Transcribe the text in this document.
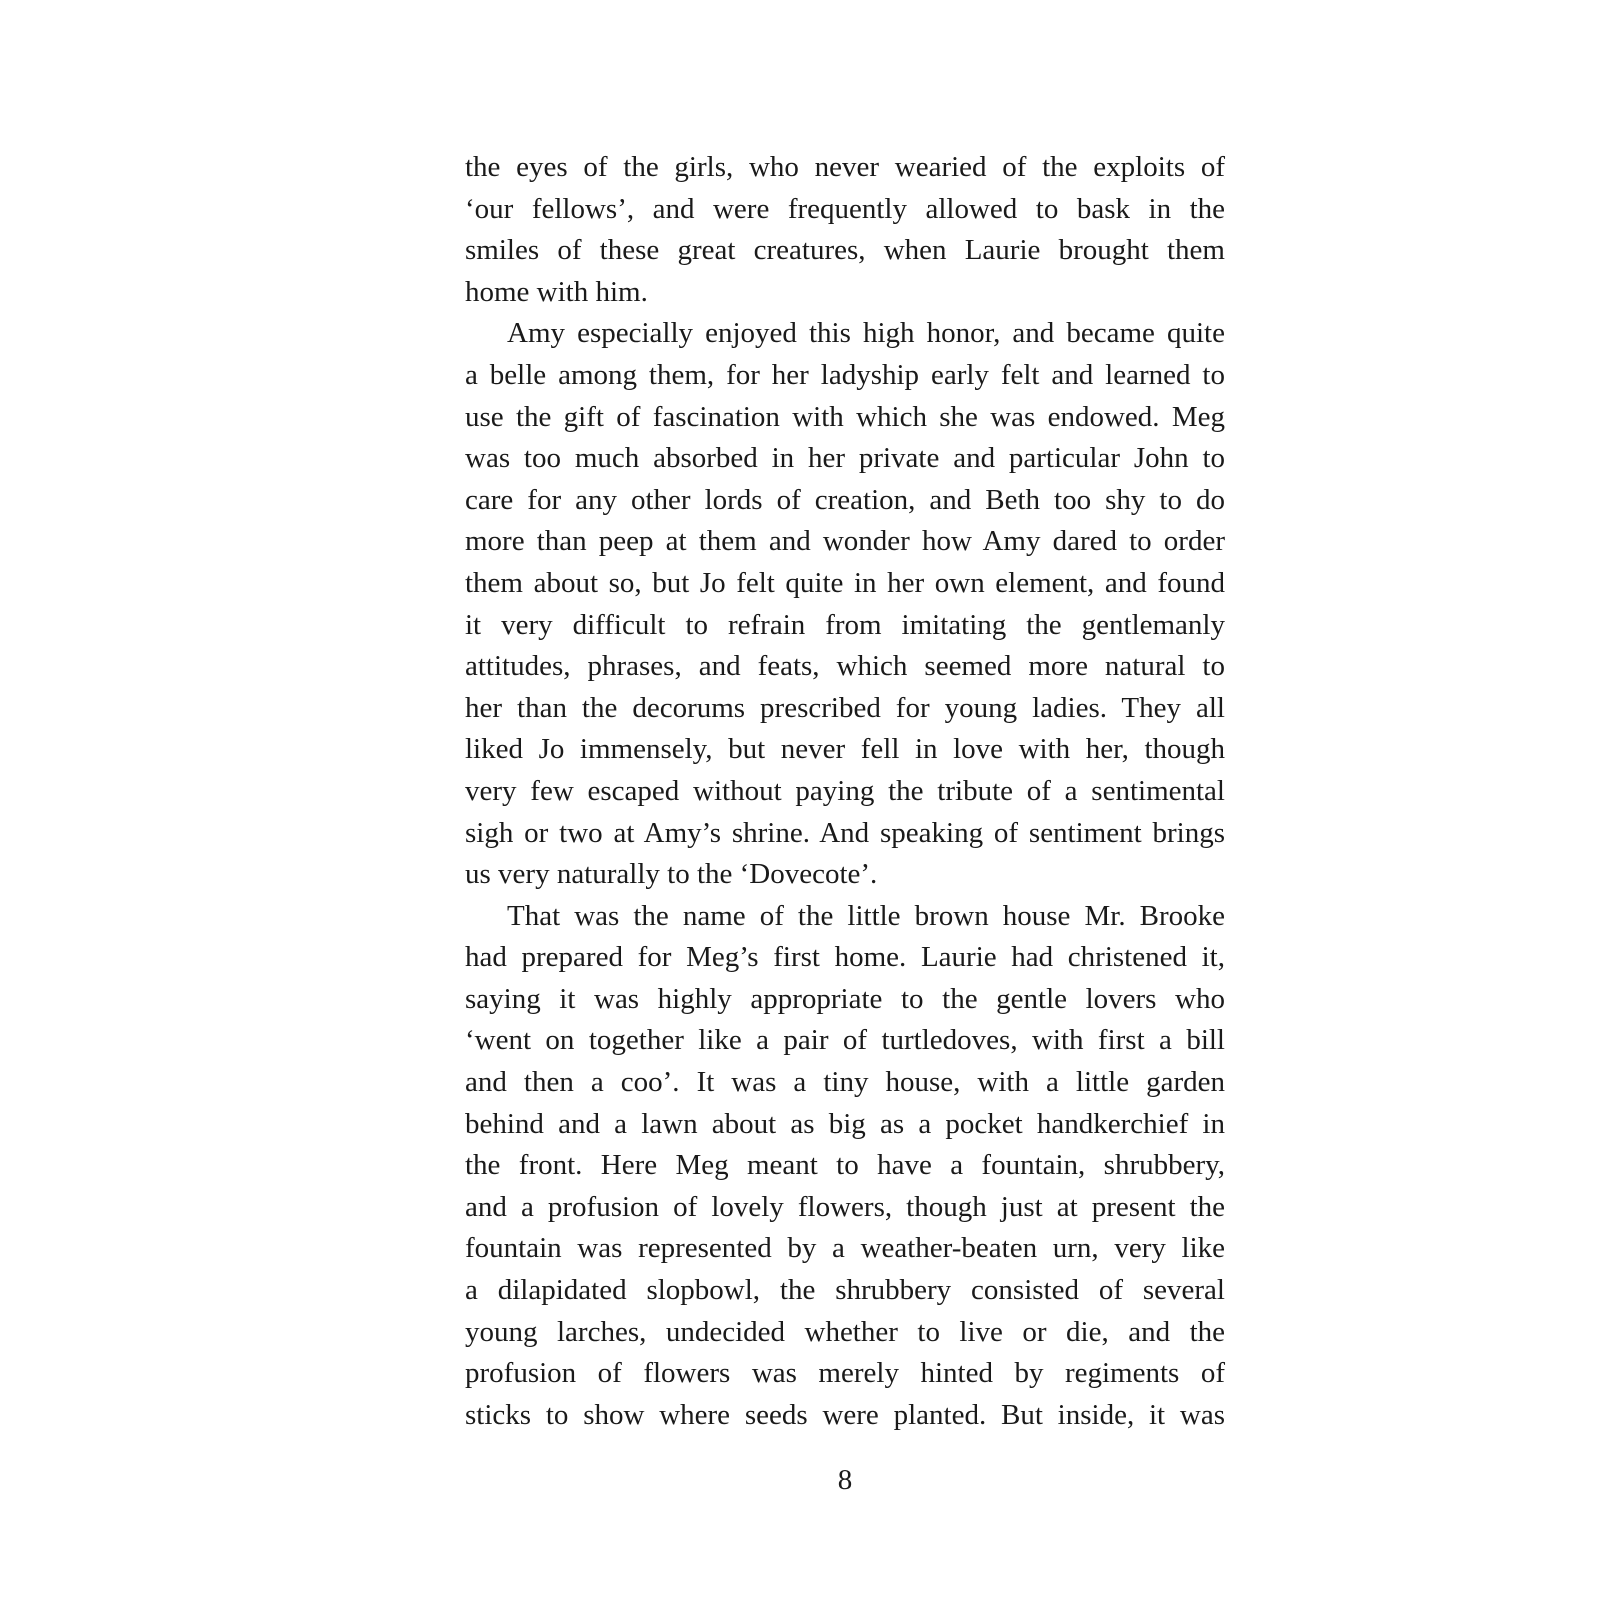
the eyes of the girls, who never wearied of the exploits of
‘our fellows’, and were frequently allowed to bask in the
smiles of these great creatures, when Laurie brought them
home with him.
Amy especially enjoyed this high honor, and became quite
a belle among them, for her ladyship early felt and learned to
use the gift of fascination with which she was endowed. Meg
was too much absorbed in her private and particular John to
care for any other lords of creation, and Beth too shy to do
more than peep at them and wonder how Amy dared to order
them about so, but Jo felt quite in her own element, and found
it very difficult to refrain from imitating the gentlemanly
attitudes, phrases, and feats, which seemed more natural to
her than the decorums prescribed for young ladies. They all
liked Jo immensely, but never fell in love with her, though
very few escaped without paying the tribute of a sentimental
sigh or two at Amy’s shrine. And speaking of sentiment brings
us very naturally to the ‘Dovecote’.
That was the name of the little brown house Mr. Brooke
had prepared for Meg’s first home. Laurie had christened it,
saying it was highly appropriate to the gentle lovers who
‘went on together like a pair of turtledoves, with first a bill
and then a coo’. It was a tiny house, with a little garden
behind and a lawn about as big as a pocket handkerchief in
the front. Here Meg meant to have a fountain, shrubbery,
and a profusion of lovely flowers, though just at present the
fountain was represented by a weather-beaten urn, very like
a dilapidated slopbowl, the shrubbery consisted of several
young larches, undecided whether to live or die, and the
profusion of flowers was merely hinted by regiments of
sticks to show where seeds were planted. But inside, it was
8
